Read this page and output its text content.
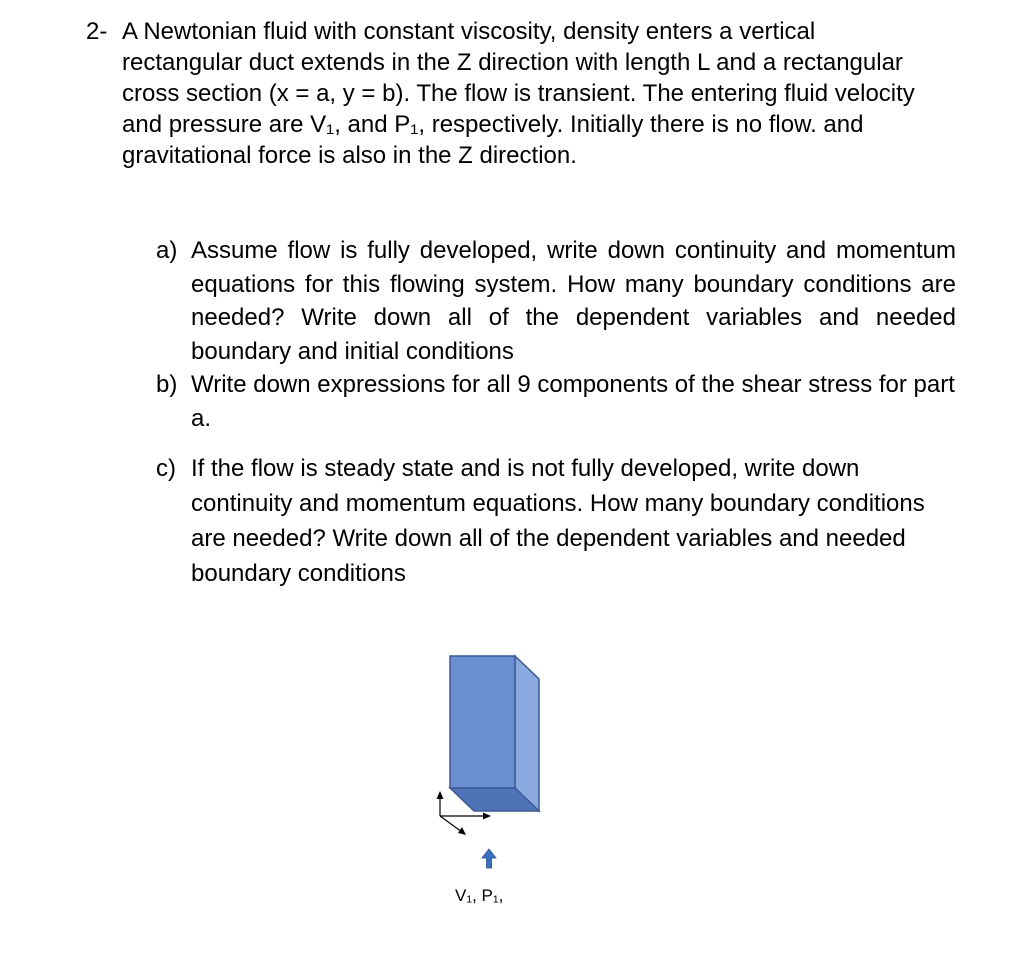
2- A Newtonian fluid with constant viscosity, density enters a vertical rectangular duct extends in the Z direction with length L and a rectangular cross section (x = a, y = b). The flow is transient. The entering fluid velocity and pressure are V₁, and P₁, respectively. Initially there is no flow. and gravitational force is also in the Z direction.
a) Assume flow is fully developed, write down continuity and momentum equations for this flowing system. How many boundary conditions are needed? Write down all of the dependent variables and needed boundary and initial conditions
b) Write down expressions for all 9 components of the shear stress for part a.
c) If the flow is steady state and is not fully developed, write down continuity and momentum equations. How many boundary conditions are needed? Write down all of the dependent variables and needed boundary conditions
V₁, P₁,
